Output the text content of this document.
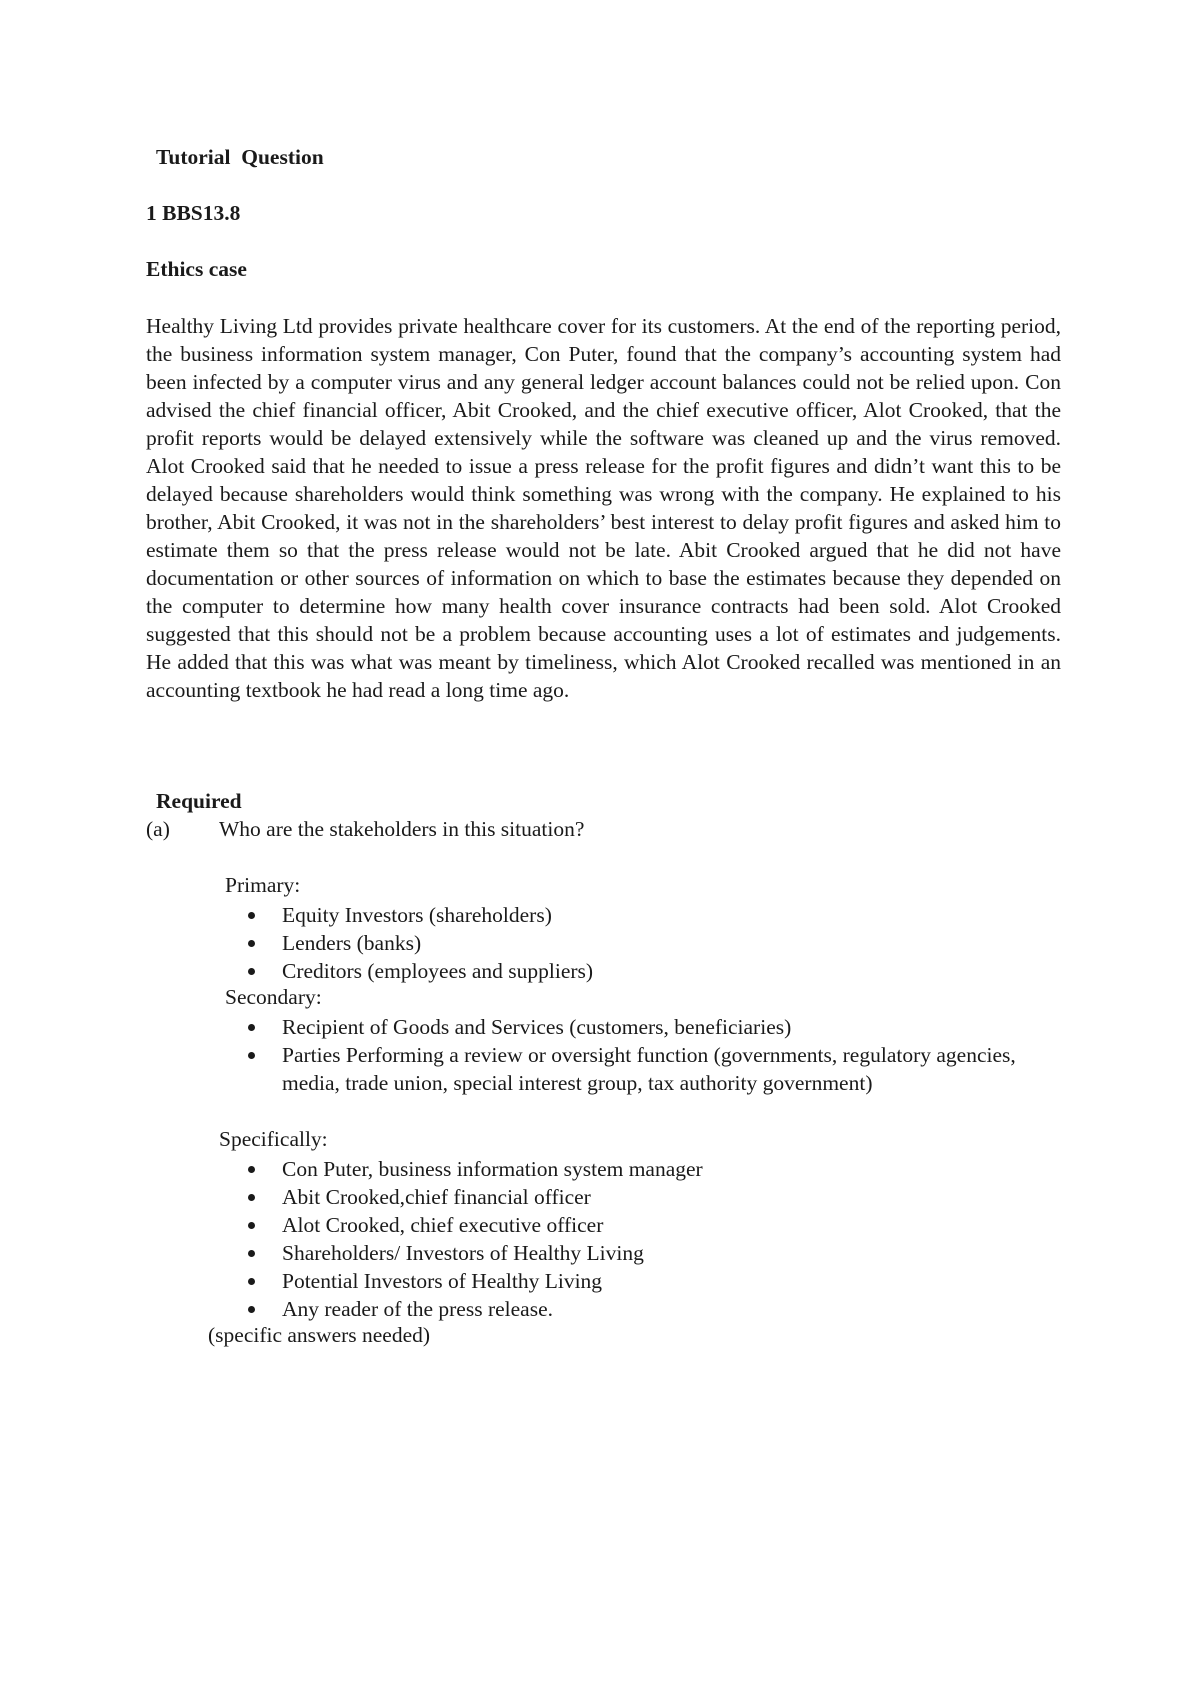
Tutorial  Question
1 BBS13.8
Ethics case

Healthy Living Ltd provides private healthcare cover for its customers. At the end of the reporting period, the business information system manager, Con Puter, found that the company’s accounting system had been infected by a computer virus and any general ledger account balances could not be relied upon. Con advised the chief financial officer, Abit Crooked, and the chief executive officer, Alot Crooked, that the profit reports would be delayed extensively while the software was cleaned up and the virus removed. Alot Crooked said that he needed to issue a press release for the profit figures and didn’t want this to be delayed because shareholders would think something was wrong with the company. He explained to his brother, Abit Crooked, it was not in the shareholders’ best interest to delay profit figures and asked him to estimate them so that the press release would not be late. Abit Crooked argued that he did not have documentation or other sources of information on which to base the estimates because they depended on the computer to determine how many health cover insurance contracts had been sold. Alot Crooked suggested that this should not be a problem because accounting uses a lot of estimates and judgements. He added that this was what was meant by timeliness, which Alot Crooked recalled was mentioned in an accounting textbook he had read a long time ago.

Required
(a) Who are the stakeholders in this situation?
Primary:
Equity Investors (shareholders)
Lenders (banks)
Creditors (employees and suppliers)
Secondary:
Recipient of Goods and Services (customers, beneficiaries)
Parties Performing a review or oversight function (governments, regulatory agencies, media, trade union, special interest group, tax authority government)
Specifically:
Con Puter, business information system manager
Abit Crooked,chief financial officer
Alot Crooked, chief executive officer
Shareholders/ Investors of Healthy Living
Potential Investors of Healthy Living
Any reader of the press release.
(specific answers needed)
